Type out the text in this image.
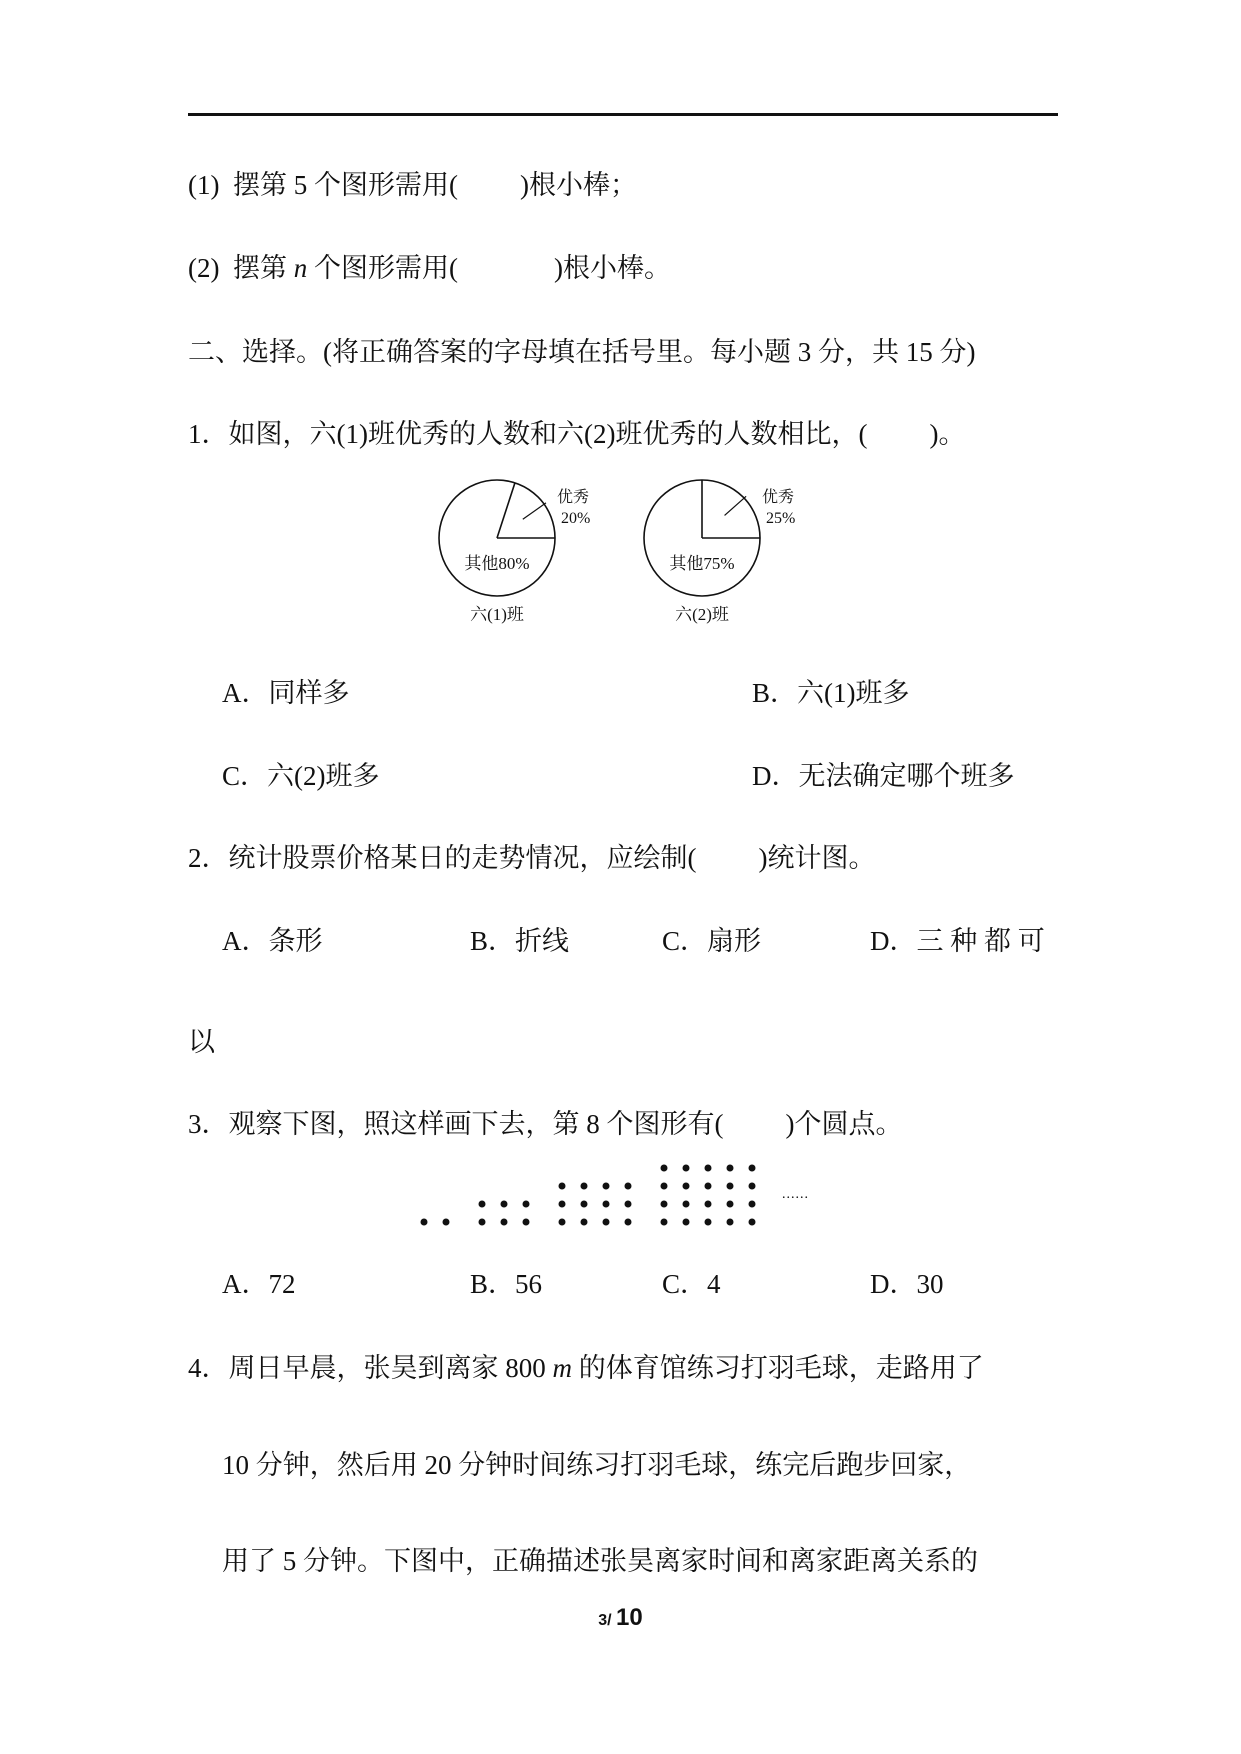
(1) 摆第 5 个图形需用( )根小棒；
(2) 摆第 n 个图形需用(	)根小棒。
二、选择。(将正确答案的字母填在括号里。每小题 3 分，共 15 分)
1．如图，六(1)班优秀的人数和六(2)班优秀的人数相比，( )。
优秀
20%
其他80%
六(1)班
优秀
25%
其他75%
六(2)班
A．同样多	B．六(1)班多
C．六(2)班多	D．无法确定哪个班多
2．统计股票价格某日的走势情况，应绘制( )统计图。
A．条形	B．折线	C．扇形	D．三 种 都 可
以
3．观察下图，照这样画下去，第 8 个图形有( )个圆点。
......
A．72	B．56	C．4	D．30
4．周日早晨，张昊到离家 800 m 的体育馆练习打羽毛球，走路用了
10 分钟，然后用 20 分钟时间练习打羽毛球，练完后跑步回家，
用了 5 分钟。下图中，正确描述张昊离家时间和离家距离关系的
3/ 10
